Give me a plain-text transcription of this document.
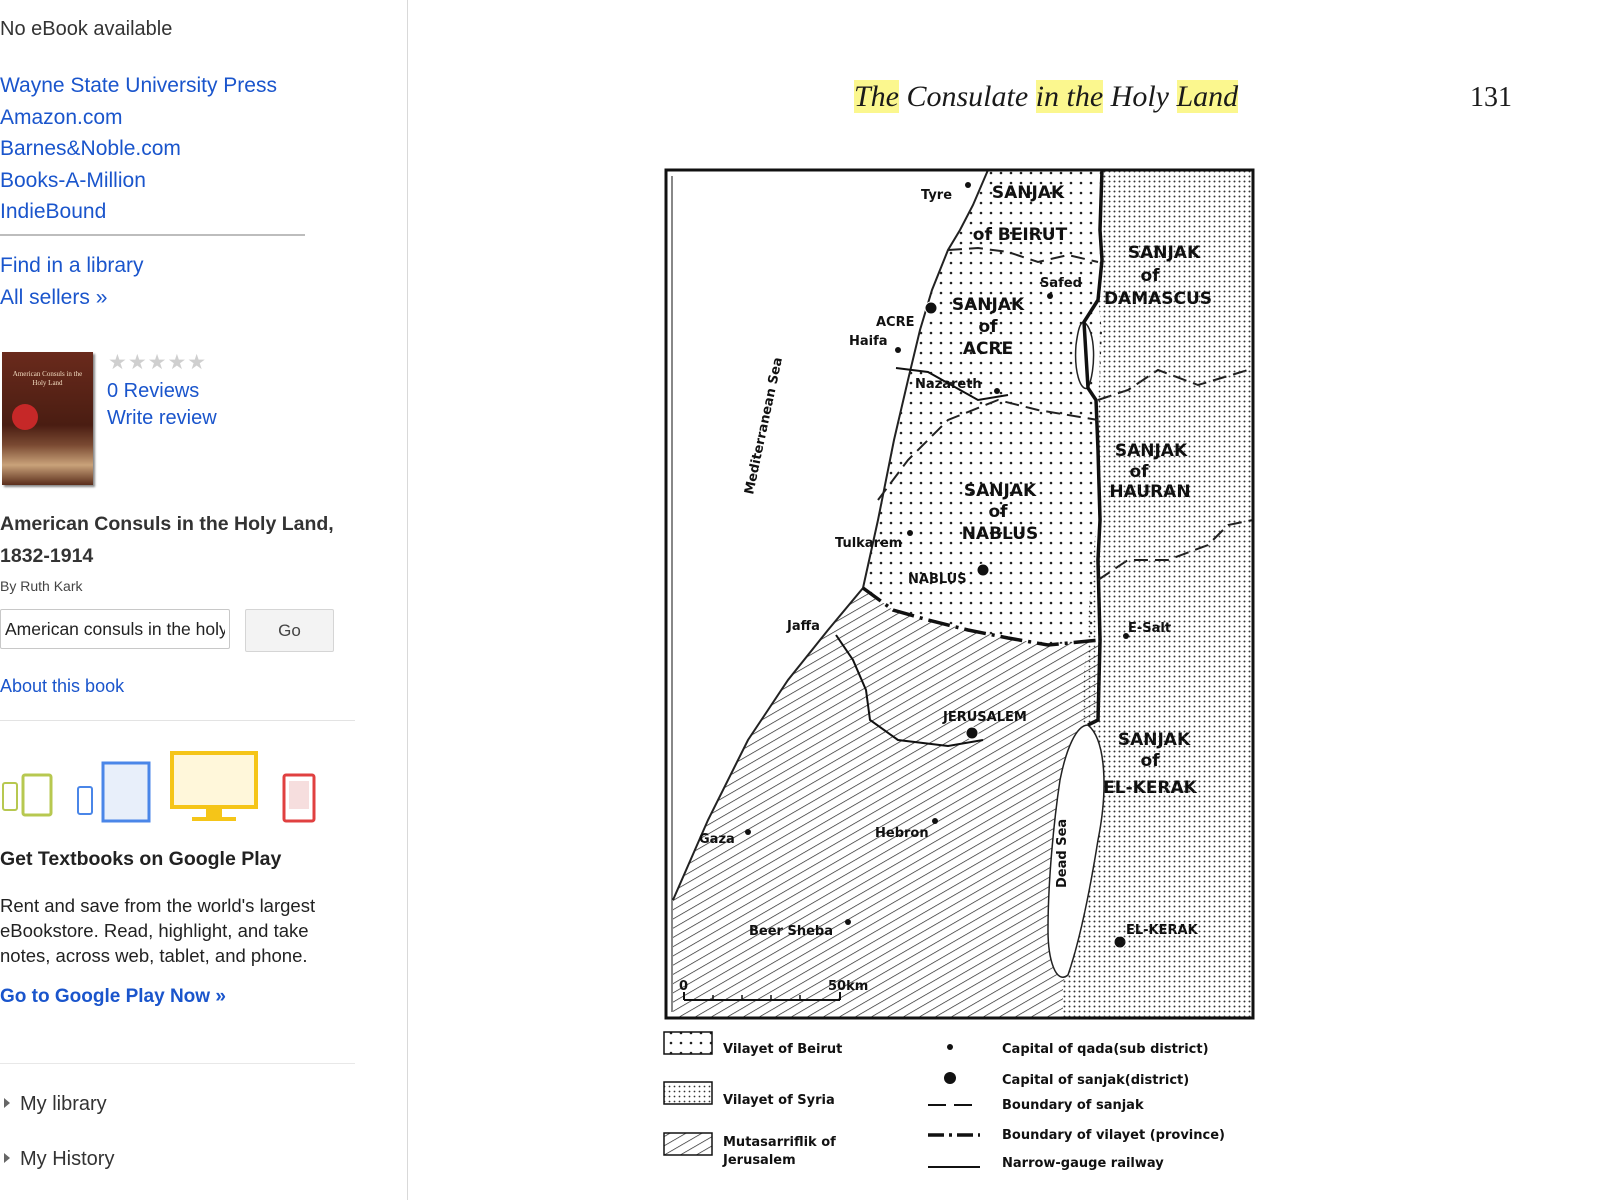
No eBook available
Wayne State University Press
Amazon.com
Barnes&Noble.com
Books-A-Million
IndieBound
Find in a library
All sellers »
American Consuls in the Holy Land
★★★★★
0 Reviews
Write review
American Consuls in the Holy Land, 1832-1914
By Ruth Kark
American consuls in the holy
Go
About this book
Get Textbooks on Google Play
Rent and save from the world's largest eBookstore. Read, highlight, and take notes, across web, tablet, and phone.
Go to Google Play Now »
My library
My History
The Consulate in the Holy Land	131
SANJAK
of BEIRUT
SANJAK
of
ACRE
SANJAK
of
DAMASCUS
SANJAK
of
NABLUS
SANJAK
of
HAURAN
SANJAK
of
EL-KERAK
Tyre
Safed
ACRE
Haifa
Nazareth
Tulkarem
NABLUS
Jaffa
JERUSALEM
E-Salt
Gaza	Hebron
Beer Sheba	EL-KERAK
Mediterranean Sea
Dead Sea
0	50km
Vilayet of Beirut
Vilayet of Syria
Mutasarriflik of
Jerusalem
Capital of qada(sub district)
Capital of sanjak(district)
Boundary of sanjak
Boundary of vilayet (province)
Narrow-gauge railway
